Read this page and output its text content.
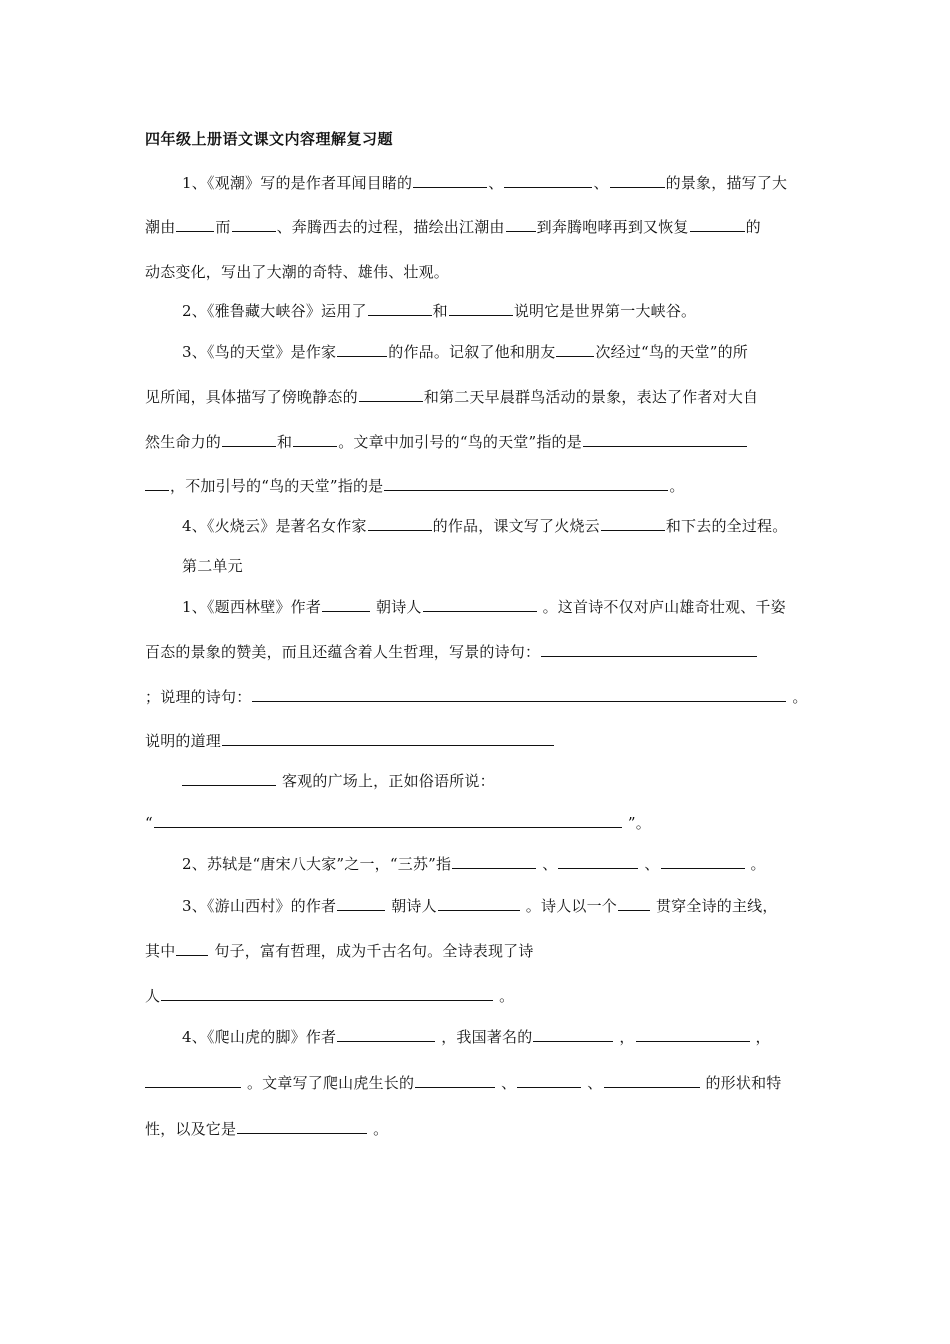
四年级上册语文课文内容理解复习题
1、《观潮》写的是作者耳闻目睹的	、	、	的景象，描写了大
潮由	而	、奔腾西去的过程，描绘出江潮由 到奔腾咆哮再到又恢复	的
动态变化，写出了大潮的奇特、雄伟、壮观。
2、《雅鲁藏大峡谷》运用了	和	说明它是世界第一大峡谷。
3、《鸟的天堂》是作家	的作品。记叙了他和朋友	次经过“鸟的天堂”的所
见所闻，具体描写了傍晚静态的	和第二天早晨群鸟活动的景象，表达了作者对大自
然生命力的	和	。文章中加引号的“鸟的天堂”指的是
，不加引号的“鸟的天堂”指的是	。
4、《火烧云》是著名女作家	的作品，课文写了火烧云	和下去的全过程。
第二单元
1、《题西林壁》作者	朝诗人	。这首诗不仅对庐山雄奇壮观、千姿
百态的景象的赞美，而且还蕴含着人生哲理，写景的诗句：
；说理的诗句：	。
说明的道理
客观的广场上，正如俗语所说：
“	”。
2、苏轼是“唐宋八大家”之一，“三苏”指	、	、	。
3、《游山西村》的作者	朝诗人	。诗人以一个 贯穿全诗的主线，
其中 句子，富有哲理，成为千古名句。全诗表现了诗
人	。
4、《爬山虎的脚》作者	，我国著名的	，	，
。文章写了爬山虎生长的	、	、	的形状和特
性，以及它是	。
